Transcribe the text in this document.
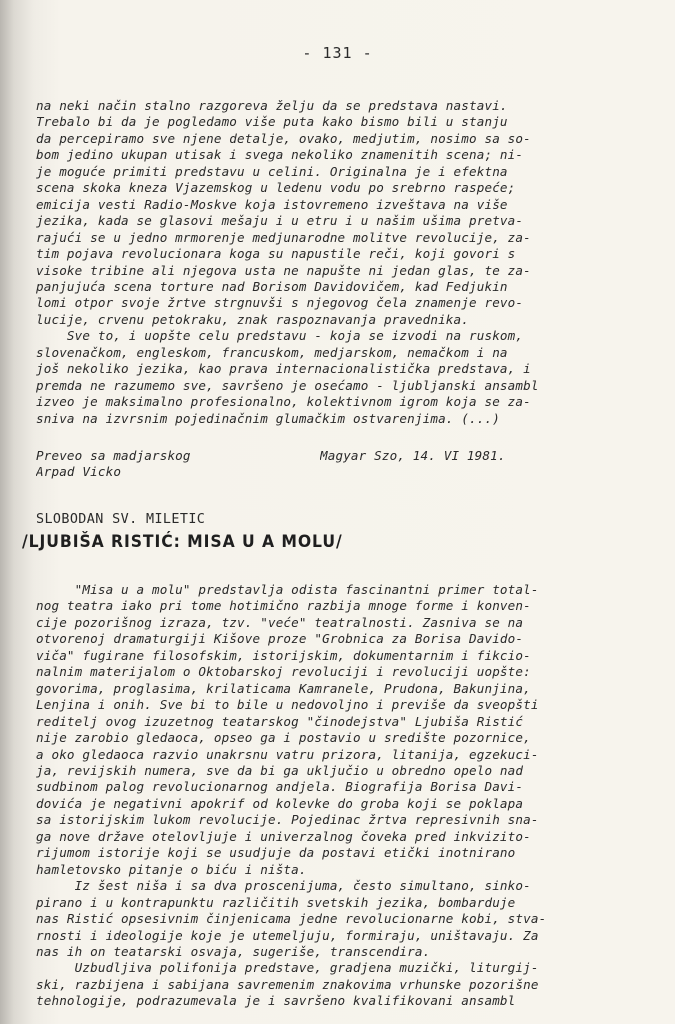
- 131 -
na neki način stalno razgoreva želju da se predstava nastavi.
Trebalo bi da je pogledamo više puta kako bismo bili u stanju
da percepiramo sve njene detalje, ovako, medjutim, nosimo sa so-
bom jedino ukupan utisak i svega nekoliko znamenitih scena; ni-
je moguće primiti predstavu u celini. Originalna je i efektna
scena skoka kneza Vjazemskog u ledenu vodu po srebrno raspeće;
emicija vesti Radio-Moskve koja istovremeno izveštava na više
jezika, kada se glasovi mešaju i u etru i u našim ušima pretva-
rajući se u jedno mrmorenje medjunarodne molitve revolucije, za-
tim pojava revolucionara koga su napustile reči, koji govori s
visoke tribine ali njegova usta ne napušte ni jedan glas, te za-
panjujuća scena torture nad Borisom Davidovičem, kad Fedjukin
lomi otpor svoje žrtve strgnuvši s njegovog čela znamenje revo-
lucije, crvenu petokraku, znak raspoznavanja pravednika.
Sve to, i uopšte celu predstavu - koja se izvodi na ruskom,
slovenačkom, engleskom, francuskom, medjarskom, nemačkom i na
još nekoliko jezika, kao prava internacionalistička predstava, i
premda ne razumemo sve, savršeno je osećamo - ljubljanski ansambl
izveo je maksimalno profesionalno, kolektivnom igrom koja se za-
sniva na izvrsnim pojedinačnim glumačkim ostvarenjima. (...)
Preveo sa madjarskog
Arpad Vicko
Magyar Szo, 14. VI 1981.
SLOBODAN SV. MILETIĆ
/LJUBIŠA RISTIĆ: MISA U A MOLU/
"Misa u a molu" predstavlja odista fascinantni primer total-
nog teatra iako pri tome hotimično razbija mnoge forme i konven-
cije pozorišnog izraza, tzv. "veće" teatralnosti. Zasniva se na
otvorenoj dramaturgiji Kišove proze "Grobnica za Borisa Davido-
viča" fugirane filosofskim, istorijskim, dokumentarnim i fikcio-
nalnim materijalom o Oktobarskoj revoluciji i revoluciji uopšte:
govorima, proglasima, krilaticama Kamranele, Prudona, Bakunjina,
Lenjina i onih. Sve bi to bile u nedovoljno i previše da sveopšti
reditelj ovog izuzetnog teatarskog "činodejstva" Ljubiša Ristić
nije zarobio gledaoca, opseo ga i postavio u središte pozornice,
a oko gledaoca razvio unakrsnu vatru prizora, litanija, egzekuci-
ja, revijskih numera, sve da bi ga uključio u obredno opelo nad
sudbinom palog revolucionarnog andjela. Biografija Borisa Davi-
dovića je negativni apokrif od kolevke do groba koji se poklapa
sa istorijskim lukom revolucije. Pojedinac žrtva represivnih sna-
ga nove države otelovljuje i univerzalnog čoveka pred inkvizito-
rijumom istorije koji se usudjuje da postavi etički inotnirano
hamletovsko pitanje o biću i ništa.
Iz šest niša i sa dva proscenijuma, često simultano, sinko-
pirano i u kontrapunktu različitih svetskih jezika, bombarduje
nas Ristić opsesivnim činjenicama jedne revolucionarne kobi, stva-
rnosti i ideologije koje je utemeljuju, formiraju, uništavaju. Za
nas ih on teatarski osvaja, sugeriše, transcendira.
Uzbudljiva polifonija predstave, gradjena muzički, liturgij-
ski, razbijena i sabijana savremenim znakovima vrhunske pozorišne
tehnologije, podrazumevala je i savršeno kvalifikovani ansambl
